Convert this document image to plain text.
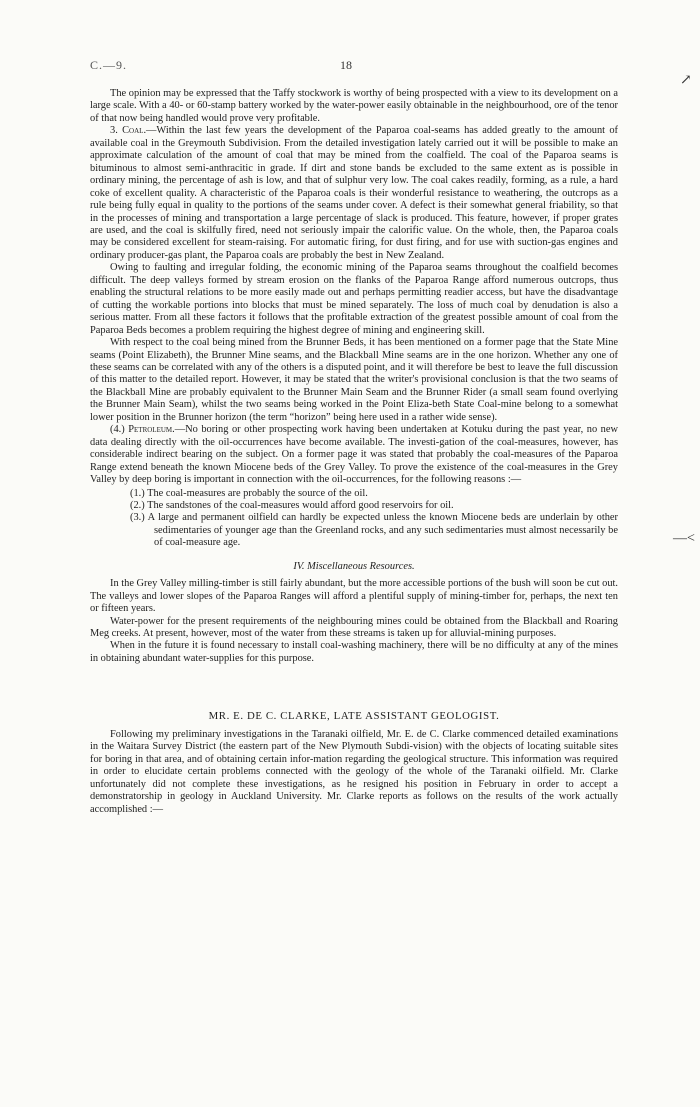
C.—9.	18
↗
—<

The opinion may be expressed that the Taffy stockwork is worthy of being prospected with a view to its development on a large scale. With a 40- or 60-stamp battery worked by the water-power easily obtainable in the neighbourhood, ore of the tenor of that now being handled would prove very profitable.

3. Coal.—Within the last few years the development of the Paparoa coal-seams has added greatly to the amount of available coal in the Greymouth Subdivision. From the detailed investigation lately carried out it will be possible to make an approximate calculation of the amount of coal that may be mined from the coalfield. The coal of the Paparoa seams is bituminous to almost semi-anthracitic in grade. If dirt and stone bands be excluded to the same extent as is possible in ordinary mining, the percentage of ash is low, and that of sulphur very low. The coal cakes readily, forming, as a rule, a hard coke of excellent quality. A characteristic of the Paparoa coals is their wonderful resistance to weathering, the outcrops as a rule being fully equal in quality to the portions of the seams under cover. A defect is their somewhat general friability, so that in the processes of mining and transportation a large percentage of slack is produced. This feature, however, if proper grates are used, and the coal is skilfully fired, need not seriously impair the calorific value. On the whole, then, the Paparoa coals may be considered excellent for steam-raising. For automatic firing, for dust firing, and for use with suction-gas engines and ordinary producer-gas plant, the Paparoa coals are probably the best in New Zealand.

Owing to faulting and irregular folding, the economic mining of the Paparoa seams throughout the coalfield becomes difficult. The deep valleys formed by stream erosion on the flanks of the Paparoa Range afford numerous outcrops, thus enabling the structural relations to be more easily made out and perhaps permitting readier access, but have the disadvantage of cutting the workable portions into blocks that must be mined separately. The loss of much coal by denudation is also a serious matter. From all these factors it follows that the profitable extraction of the greatest possible amount of coal from the Paparoa Beds becomes a problem requiring the highest degree of mining and engineering skill.

With respect to the coal being mined from the Brunner Beds, it has been mentioned on a former page that the State Mine seams (Point Elizabeth), the Brunner Mine seams, and the Blackball Mine seams are in the one horizon. Whether any one of these seams can be correlated with any of the others is a disputed point, and it will therefore be best to leave the full discussion of this matter to the detailed report. However, it may be stated that the writer's provisional conclusion is that the two seams of the Blackball Mine are probably equivalent to the Brunner Main Seam and the Brunner Rider (a small seam found overlying the Brunner Main Seam), whilst the two seams being worked in the Point Eliza-beth State Coal-mine belong to a somewhat lower position in the Brunner horizon (the term “horizon” being here used in a rather wide sense).

(4.) Petroleum.—No boring or other prospecting work having been undertaken at Kotuku during the past year, no new data dealing directly with the oil-occurrences have become available. The investi-gation of the coal-measures, however, has considerable indirect bearing on the subject. On a former page it was stated that probably the coal-measures of the Paparoa Range extend beneath the known Miocene beds of the Grey Valley. To prove the existence of the coal-measures in the Grey Valley by deep boring is important in connection with the oil-occurrences, for the following reasons :—

(1.) The coal-measures are probably the source of the oil.
(2.) The sandstones of the coal-measures would afford good reservoirs for oil.
(3.) A large and permanent oilfield can hardly be expected unless the known Miocene beds are underlain by other sedimentaries of younger age than the Greenland rocks, and any such sedimentaries must almost necessarily be of coal-measure age.

IV. Miscellaneous Resources.

In the Grey Valley milling-timber is still fairly abundant, but the more accessible portions of the bush will soon be cut out. The valleys and lower slopes of the Paparoa Ranges will afford a plentiful supply of mining-timber for, perhaps, the next ten or fifteen years.

Water-power for the present requirements of the neighbouring mines could be obtained from the Blackball and Roaring Meg creeks. At present, however, most of the water from these streams is taken up for alluvial-mining purposes.

When in the future it is found necessary to install coal-washing machinery, there will be no difficulty at any of the mines in obtaining abundant water-supplies for this purpose.

MR. E. DE C. CLARKE, LATE ASSISTANT GEOLOGIST.

Following my preliminary investigations in the Taranaki oilfield, Mr. E. de C. Clarke commenced detailed examinations in the Waitara Survey District (the eastern part of the New Plymouth Subdi-vision) with the objects of locating suitable sites for boring in that area, and of obtaining certain infor-mation regarding the geological structure. This information was required in order to elucidate certain problems connected with the geology of the whole of the Taranaki oilfield. Mr. Clarke unfortunately did not complete these investigations, as he resigned his position in February in order to accept a demonstratorship in geology in Auckland University. Mr. Clarke reports as follows on the results of the work actually accomplished :—
